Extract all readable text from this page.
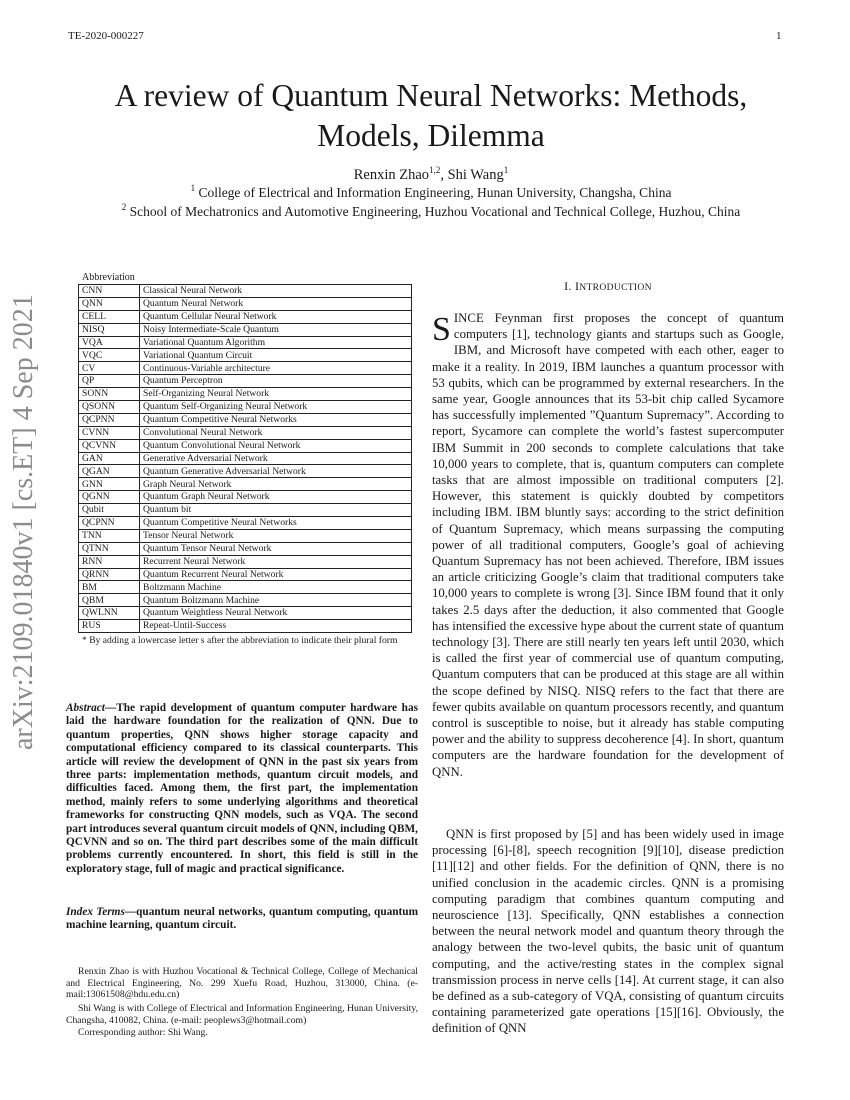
TE-2020-000227	1
A review of Quantum Neural Networks: Methods, Models, Dilemma
Renxin Zhao$^{1,2}$, Shi Wang$^1$
$^1$ College of Electrical and Information Engineering, Hunan University, Changsha, China
$^2$ School of Mechatronics and Automotive Engineering, Huzhou Vocational and Technical College, Huzhou, China
arXiv:2109.01840v1 [cs.ET] 4 Sep 2021
Abbreviation
CNN	Classical Neural Network
QNN	Quantum Neural Network
CELL	Quantum Cellular Neural Network
NISQ	Noisy Intermediate-Scale Quantum
VQA	Variational Quantum Algorithm
VQC	Variational Quantum Circuit
CV	Continuous-Variable architecture
QP	Quantum Perceptron
SONN	Self-Organizing Neural Network
QSONN	Quantum Self-Organizing Neural Network
QCPNN	Quantum Competitive Neural Networks
CVNN	Convolutional Neural Network
QCVNN	Quantum Convolutional Neural Network
GAN	Generative Adversarial Network
QGAN	Quantum Generative Adversarial Network
GNN	Graph Neural Network
QGNN	Quantum Graph Neural Network
Qubit	Quantum bit
QCPNN	Quantum Competitive Neural Networks
TNN	Tensor Neural Network
QTNN	Quantum Tensor Neural Network
RNN	Recurrent Neural Network
QRNN	Quantum Recurrent Neural Network
BM	Boltzmann Machine
QBM	Quantum Boltzmann Machine
QWLNN	Quantum Weightless Neural Network
RUS	Repeat-Until-Success
* By adding a lowercase letter s after the abbreviation to indicate their plural form
Abstract—The rapid development of quantum computer hardware has laid the hardware foundation for the realization of QNN. Due to quantum properties, QNN shows higher storage capacity and computational efficiency compared to its classical counterparts. This article will review the development of QNN in the past six years from three parts: implementation methods, quantum circuit models, and difficulties faced. Among them, the first part, the implementation method, mainly refers to some underlying algorithms and theoretical frameworks for constructing QNN models, such as VQA. The second part introduces several quantum circuit models of QNN, including QBM, QCVNN and so on. The third part describes some of the main difficult problems currently encountered. In short, this field is still in the exploratory stage, full of magic and practical significance.
Index Terms—quantum neural networks, quantum computing, quantum machine learning, quantum circuit.
Renxin Zhao is with Huzhou Vocational & Technical College, College of Mechanical and Electrical Engineering, No. 299 Xuefu Road, Huzhou, 313000, China. (e-mail:13061508@hdu.edu.cn)
Shi Wang is with College of Electrical and Information Engineering, Hunan University, Changsha, 410082, China. (e-mail: peoplews3@hotmail.com)
Corresponding author: Shi Wang.
I. INTRODUCTION
SINCE Feynman first proposes the concept of quantum computers [1], technology giants and startups such as Google, IBM, and Microsoft have competed with each other, eager to make it a reality. In 2019, IBM launches a quantum processor with 53 qubits, which can be programmed by external researchers. In the same year, Google announces that its 53-bit chip called Sycamore has successfully implemented ”Quantum Supremacy”. According to report, Sycamore can complete the world’s fastest supercomputer IBM Summit in 200 seconds to complete calculations that take 10,000 years to complete, that is, quantum computers can complete tasks that are almost impossible on traditional computers [2]. However, this statement is quickly doubted by competitors including IBM. IBM bluntly says: according to the strict definition of Quantum Supremacy, which means surpassing the computing power of all traditional computers, Google’s goal of achieving Quantum Supremacy has not been achieved. Therefore, IBM issues an article criticizing Google’s claim that traditional computers take 10,000 years to complete is wrong [3]. Since IBM found that it only takes 2.5 days after the deduction, it also commented that Google has intensified the excessive hype about the current state of quantum technology [3]. There are still nearly ten years left until 2030, which is called the first year of commercial use of quantum computing, Quantum computers that can be produced at this stage are all within the scope defined by NISQ. NISQ refers to the fact that there are fewer qubits available on quantum processors recently, and quantum control is susceptible to noise, but it already has stable computing power and the ability to suppress decoherence [4]. In short, quantum computers are the hardware foundation for the development of QNN.
QNN is first proposed by [5] and has been widely used in image processing [6]-[8], speech recognition [9][10], disease prediction [11][12] and other fields. For the definition of QNN, there is no unified conclusion in the academic circles. QNN is a promising computing paradigm that combines quantum computing and neuroscience [13]. Specifically, QNN establishes a connection between the neural network model and quantum theory through the analogy between the two-level qubits, the basic unit of quantum computing, and the active/resting states in the complex signal transmission process in nerve cells [14]. At current stage, it can also be defined as a sub-category of VQA, consisting of quantum circuits containing parameterized gate operations [15][16]. Obviously, the definition of QNN
